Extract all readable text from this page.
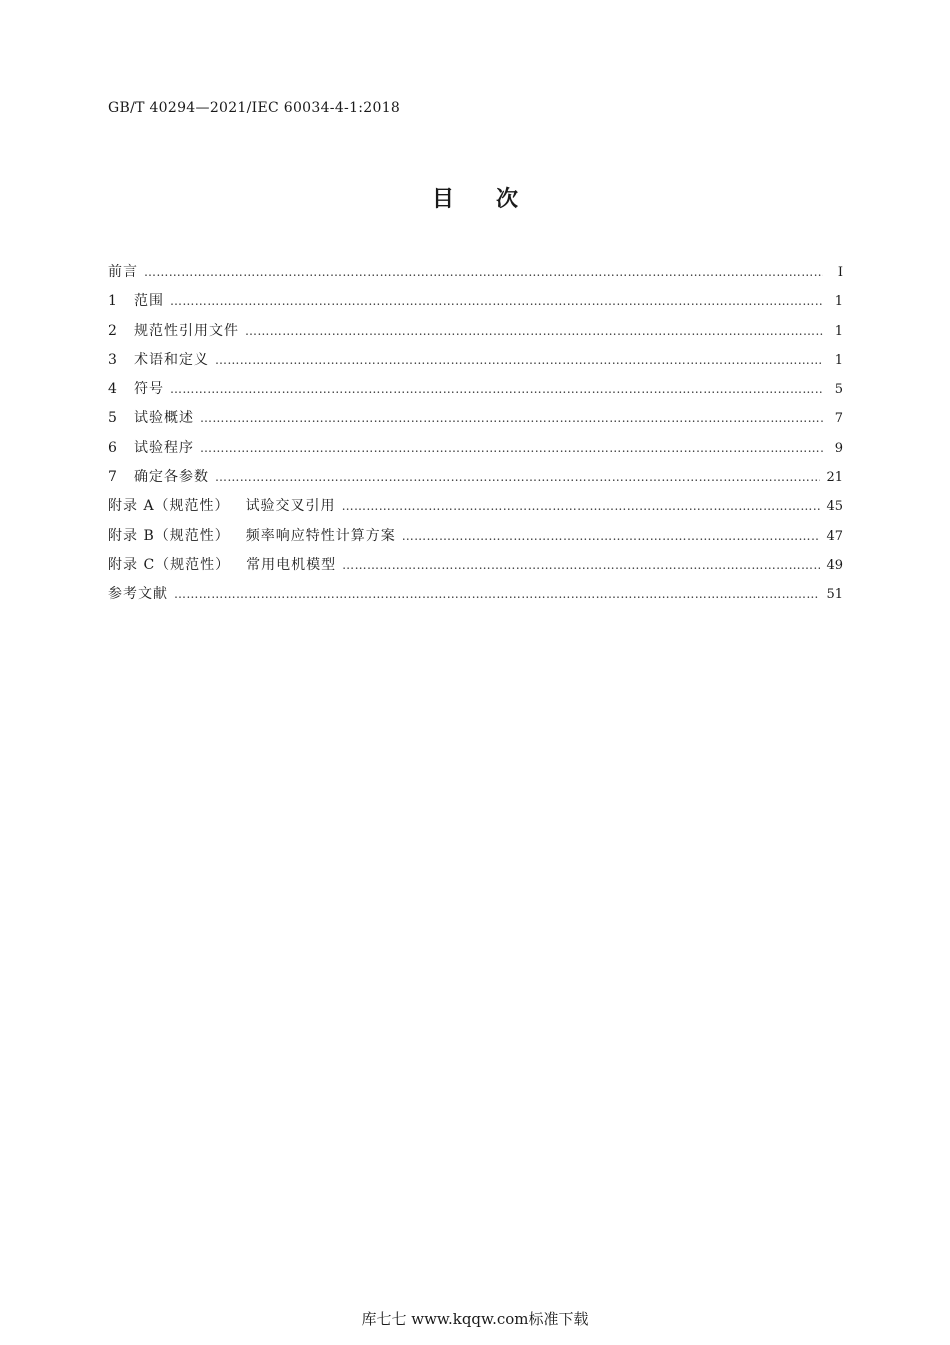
GB/T 40294—2021/IEC 60034-4-1:2018
目次
前言 ………………………………………………………………………………………………………………………………………………………………………………………………	Ⅰ
1	范围 ………………………………………………………………………………………………………………………………………………………………………………………………	1
2	规范性引用文件 ………………………………………………………………………………………………………………………………………………………………………………………………	1
3	术语和定义 ………………………………………………………………………………………………………………………………………………………………………………………………	1
4	符号 ………………………………………………………………………………………………………………………………………………………………………………………………	5
5	试验概述 ………………………………………………………………………………………………………………………………………………………………………………………………	7
6	试验程序 ………………………………………………………………………………………………………………………………………………………………………………………………	9
7	确定各参数 ………………………………………………………………………………………………………………………………………………………………………………………………	21
附录 A（规范性） 试验交叉引用 ………………………………………………………………………………………………………………………………………………………………………………………………	45
附录 B（规范性） 频率响应特性计算方案 ………………………………………………………………………………………………………………………………………………………………………………………………	47
附录 C（规范性） 常用电机模型 ………………………………………………………………………………………………………………………………………………………………………………………………	49
参考文献 ………………………………………………………………………………………………………………………………………………………………………………………………	51
库七七 www.kqqw.com标准下载
